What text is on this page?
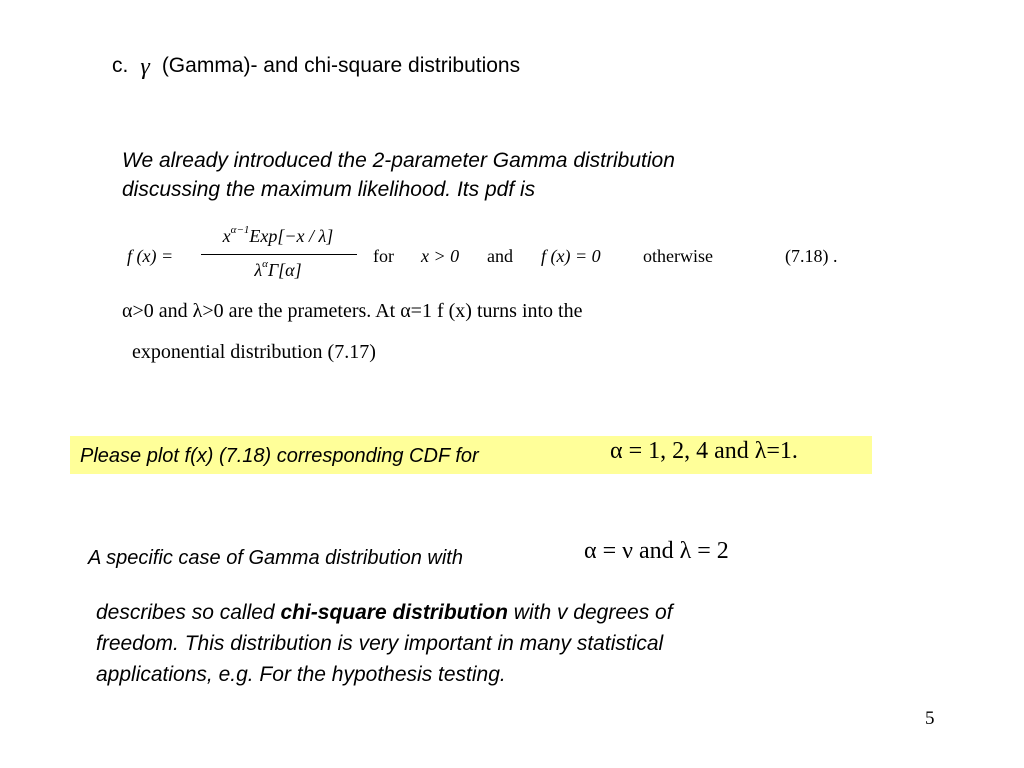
c. γ (Gamma)- and chi-square distributions
We already introduced the 2-parameter Gamma distribution
discussing the maximum likelihood. Its pdf is
f (x) =
$x^{\alpha-1}Exp[-x / \lambda]$
$\lambda^\alpha\Gamma[\alpha]$
for x > 0 and f (x) = 0 otherwise	(7.18) .
α>0 and λ>0 are the prameters. At α=1 f (x) turns into the
exponential distribution (7.17)
Please plot f(x) (7.18) corresponding CDF for	α = 1, 2, 4 and λ=1.
A specific case of Gamma distribution with	α = ν and λ = 2
describes so called chi-square distribution with v degrees of
freedom. This distribution is very important in many statistical
applications, e.g. For the hypothesis testing.
5
